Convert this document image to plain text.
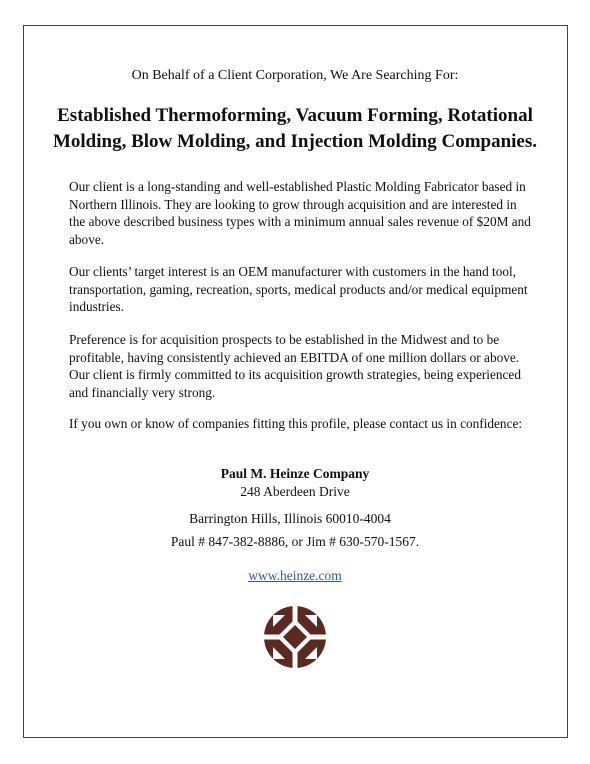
On Behalf of a Client Corporation, We Are Searching For:
Established Thermoforming, Vacuum Forming, Rotational
Molding, Blow Molding, and Injection Molding Companies.
Our client is a long-standing and well-established Plastic Molding Fabricator based in Northern Illinois. They are looking to grow through acquisition and are interested in the above described business types with a minimum annual sales revenue of $20M and above.
Our clients’ target interest is an OEM manufacturer with customers in the hand tool, transportation, gaming, recreation, sports, medical products and/or medical equipment industries.
Preference is for acquisition prospects to be established in the Midwest and to be profitable, having consistently achieved an EBITDA of one million dollars or above. Our client is firmly committed to its acquisition growth strategies, being experienced and financially very strong.
If you own or know of companies fitting this profile, please contact us in confidence:
Paul M. Heinze Company
248 Aberdeen Drive
Barrington Hills, Illinois 60010-4004
Paul # 847-382-8886, or Jim # 630-570-1567.
www.heinze.com
